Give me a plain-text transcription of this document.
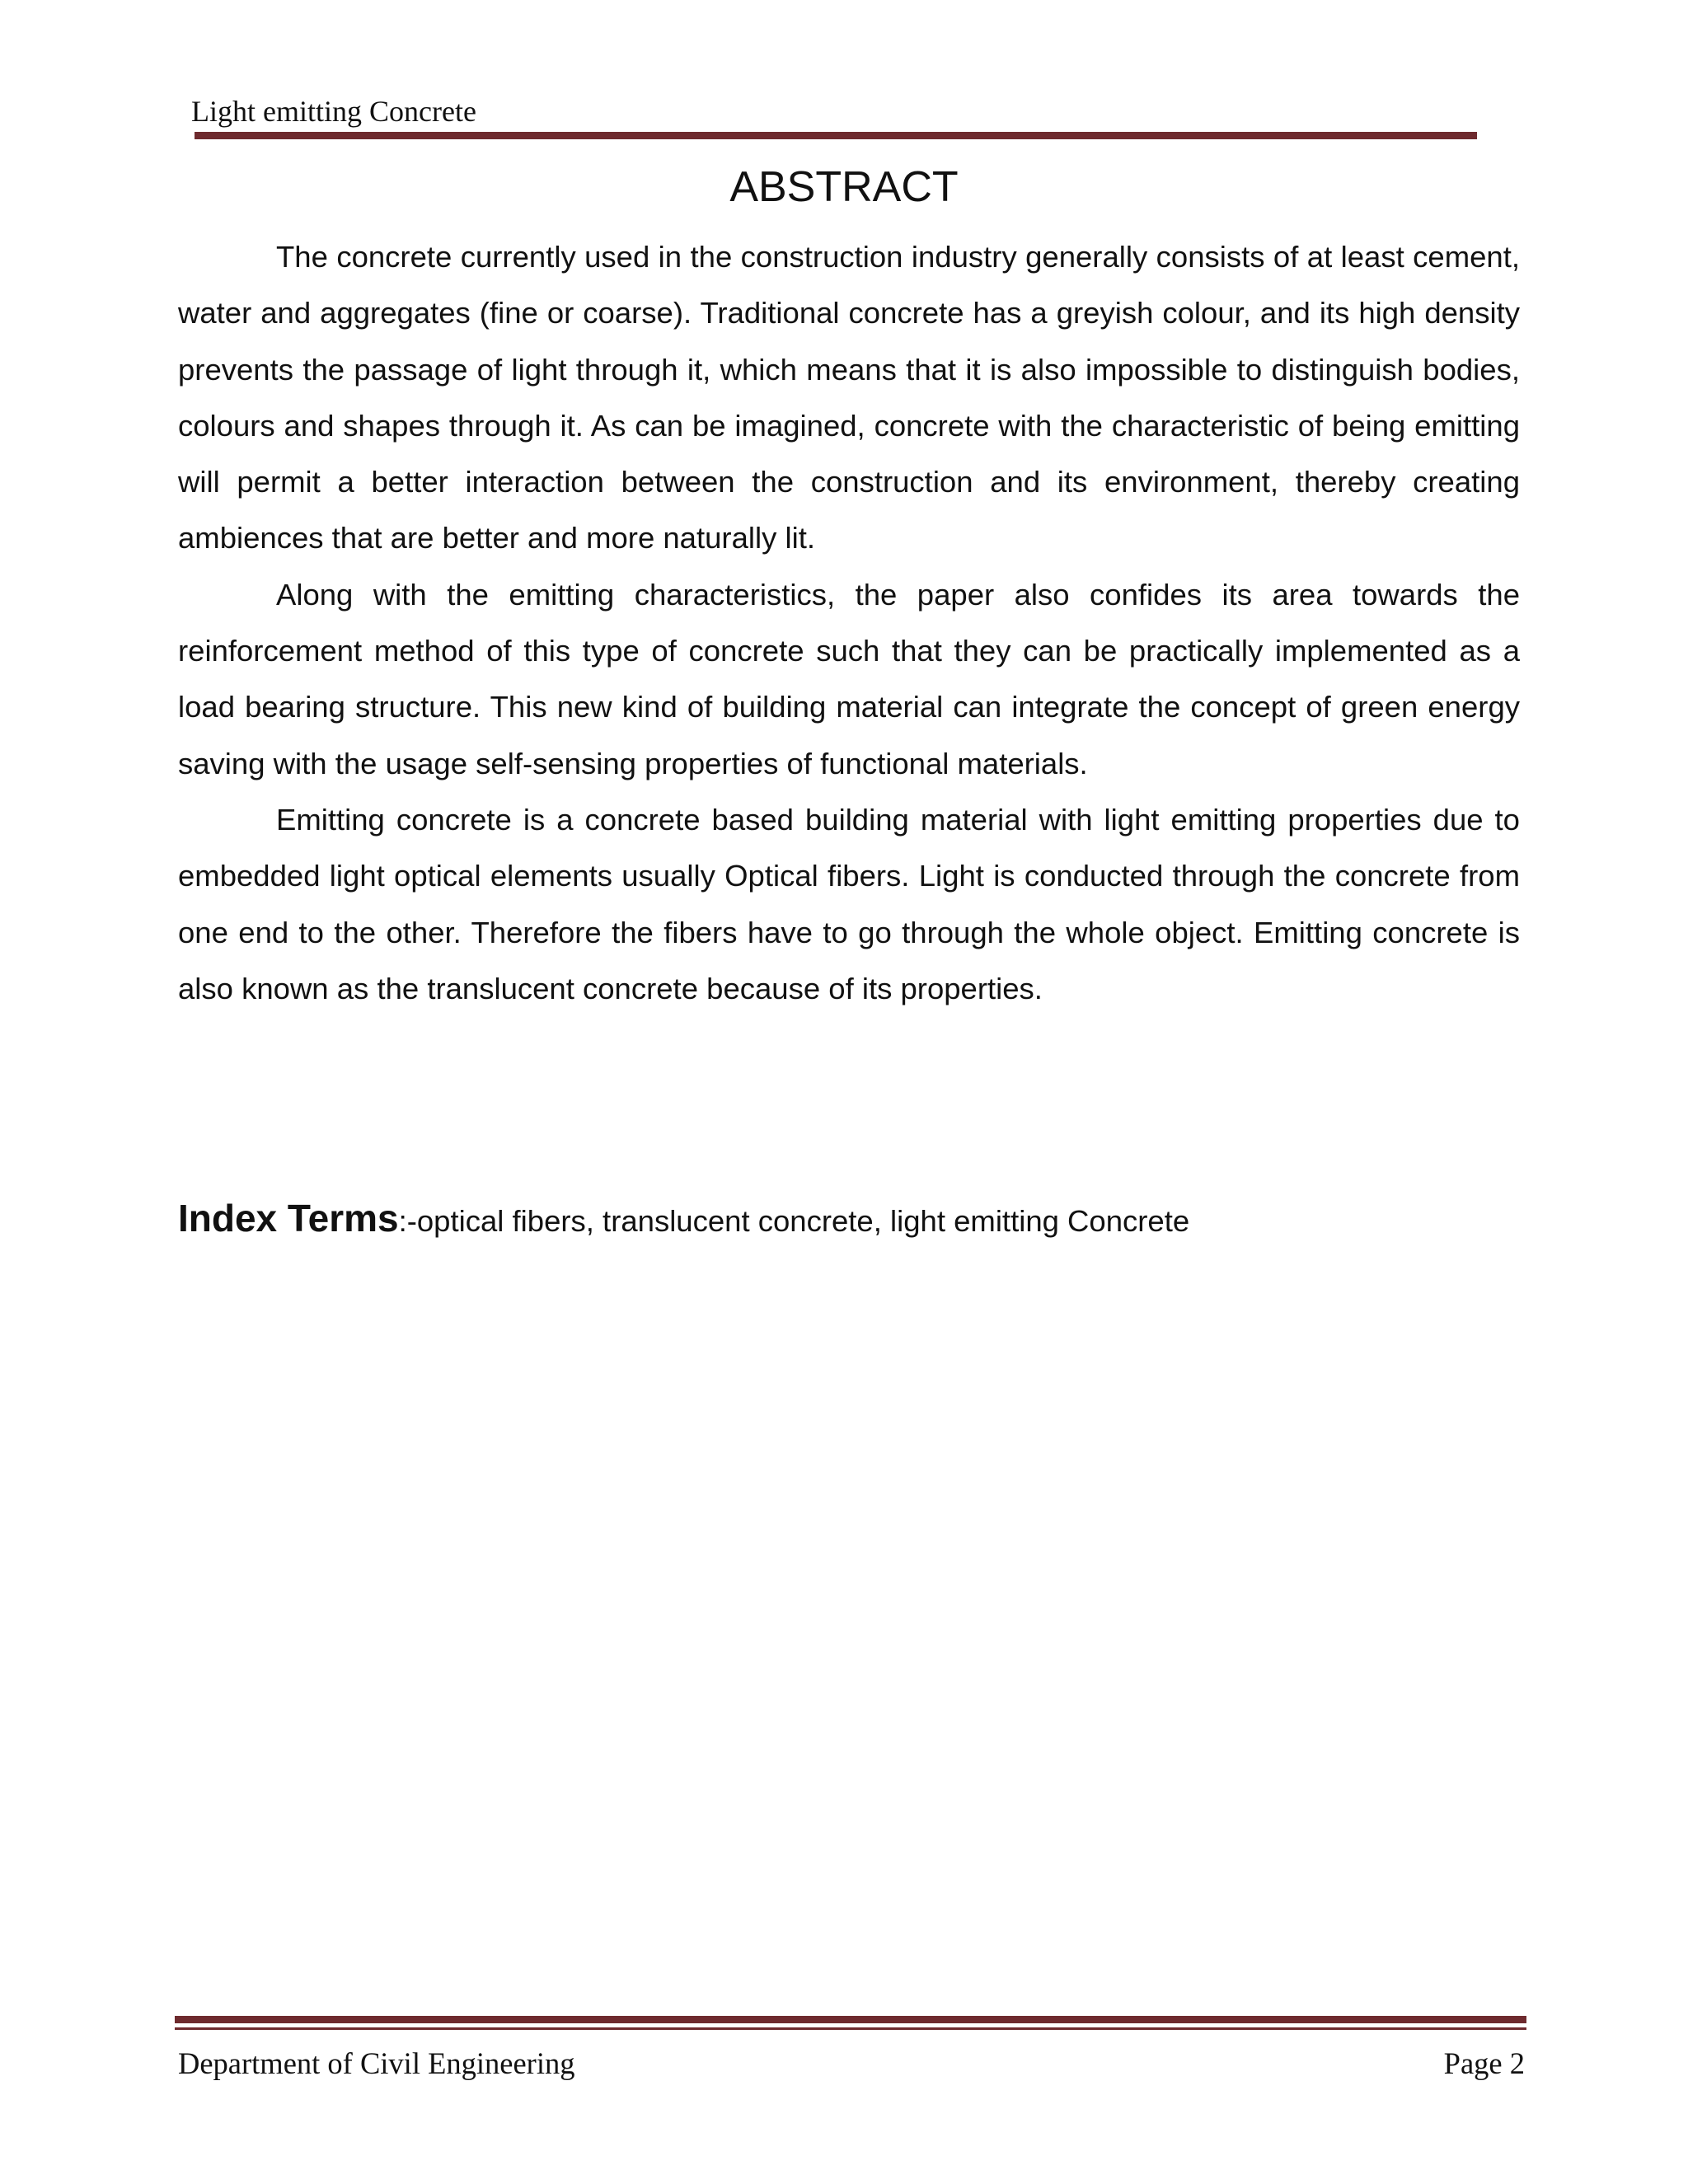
Light emitting Concrete
ABSTRACT

The concrete currently used in the construction industry generally consists of at least cement, water and aggregates (fine or coarse). Traditional concrete has a greyish colour, and its high density prevents the passage of light through it, which means that it is also impossible to distinguish bodies, colours and shapes through it. As can be imagined, concrete with the characteristic of being emitting will permit a better interaction between the construction and its environment, thereby creating ambiences that are better and more naturally lit.

Along with the emitting characteristics, the paper also confides its area towards the reinforcement method of this type of concrete such that they can be practically implemented as a load bearing structure. This new kind of building material can integrate the concept of green energy saving with the usage self-sensing properties of functional materials.

Emitting concrete is a concrete based building material with light emitting properties due to embedded light optical elements usually Optical fibers. Light is conducted through the concrete from one end to the other. Therefore the fibers have to go through the whole object. Emitting concrete is also known as the translucent concrete because of its properties.

Index Terms:-optical fibers, translucent concrete, light emitting Concrete
Department of Civil Engineering	Page 2
